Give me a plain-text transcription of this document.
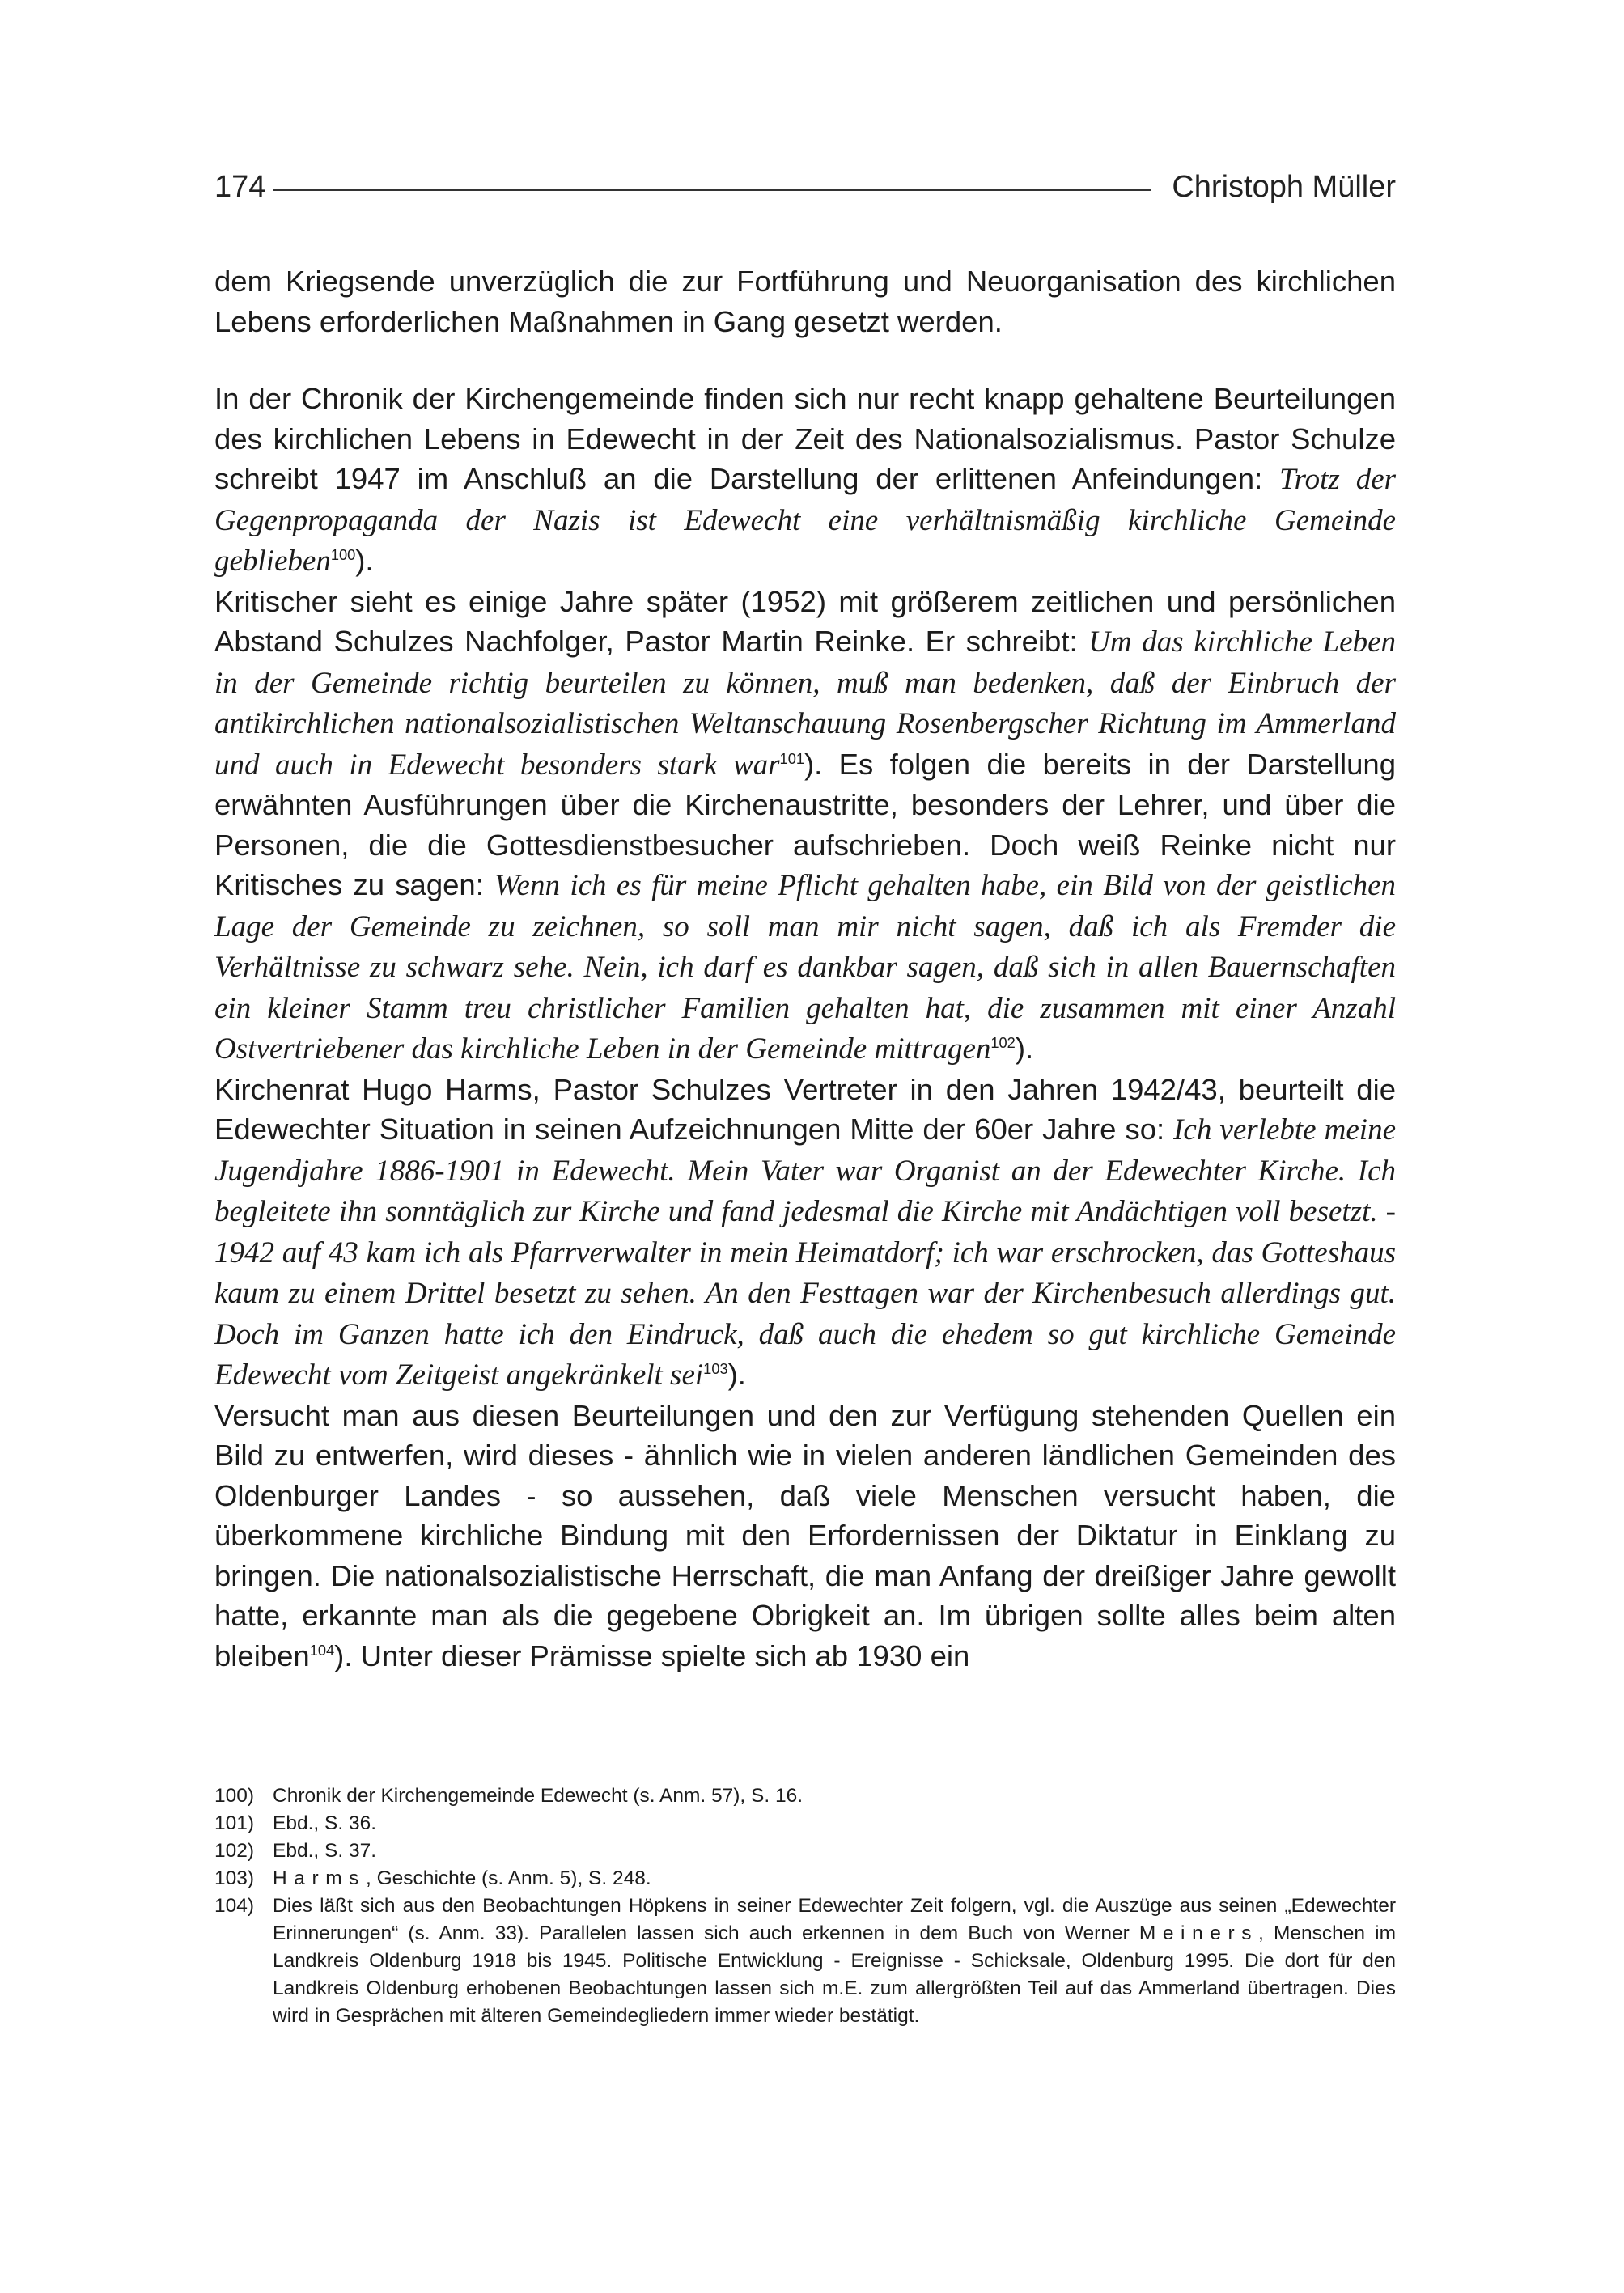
174	Christoph Müller

dem Kriegsende unverzüglich die zur Fortführung und Neuorganisation des kirchlichen Lebens erforderlichen Maßnahmen in Gang gesetzt werden.

In der Chronik der Kirchengemeinde finden sich nur recht knapp gehaltene Beurteilungen des kirchlichen Lebens in Edewecht in der Zeit des Nationalsozialismus. Pastor Schulze schreibt 1947 im Anschluß an die Darstellung der erlittenen Anfeindungen: Trotz der Gegenpropaganda der Nazis ist Edewecht eine verhältnismäßig kirchliche Gemeinde geblieben$^{100}$).

Kritischer sieht es einige Jahre später (1952) mit größerem zeitlichen und persönlichen Abstand Schulzes Nachfolger, Pastor Martin Reinke. Er schreibt: Um das kirchliche Leben in der Gemeinde richtig beurteilen zu können, muß man bedenken, daß der Einbruch der antikirchlichen nationalsozialistischen Weltanschauung Rosenbergscher Richtung im Ammerland und auch in Edewecht besonders stark war$^{101}$). Es folgen die bereits in der Darstellung erwähnten Ausführungen über die Kirchenaustritte, besonders der Lehrer, und über die Personen, die die Gottesdienstbesucher aufschrieben. Doch weiß Reinke nicht nur Kritisches zu sagen: Wenn ich es für meine Pflicht gehalten habe, ein Bild von der geistlichen Lage der Gemeinde zu zeichnen, so soll man mir nicht sagen, daß ich als Fremder die Verhältnisse zu schwarz sehe. Nein, ich darf es dankbar sagen, daß sich in allen Bauernschaften ein kleiner Stamm treu christlicher Familien gehalten hat, die zusammen mit einer Anzahl Ostvertriebener das kirchliche Leben in der Gemeinde mittragen$^{102}$).

Kirchenrat Hugo Harms, Pastor Schulzes Vertreter in den Jahren 1942/43, beurteilt die Edewechter Situation in seinen Aufzeichnungen Mitte der 60er Jahre so: Ich verlebte meine Jugendjahre 1886-1901 in Edewecht. Mein Vater war Organist an der Edewechter Kirche. Ich begleitete ihn sonntäglich zur Kirche und fand jedesmal die Kirche mit Andächtigen voll besetzt. - 1942 auf 43 kam ich als Pfarrverwalter in mein Heimatdorf; ich war erschrocken, das Gotteshaus kaum zu einem Drittel besetzt zu sehen. An den Festtagen war der Kirchenbesuch allerdings gut. Doch im Ganzen hatte ich den Eindruck, daß auch die ehedem so gut kirchliche Gemeinde Edewecht vom Zeitgeist angekränkelt sei$^{103}$).

Versucht man aus diesen Beurteilungen und den zur Verfügung stehenden Quellen ein Bild zu entwerfen, wird dieses - ähnlich wie in vielen anderen ländlichen Gemeinden des Oldenburger Landes - so aussehen, daß viele Menschen versucht haben, die überkommene kirchliche Bindung mit den Erfordernissen der Diktatur in Einklang zu bringen. Die nationalsozialistische Herrschaft, die man Anfang der dreißiger Jahre gewollt hatte, erkannte man als die gegebene Obrigkeit an. Im übrigen sollte alles beim alten bleiben$^{104}$). Unter dieser Prämisse spielte sich ab 1930 ein

100) Chronik der Kirchengemeinde Edewecht (s. Anm. 57), S. 16.
101) Ebd., S. 36.
102) Ebd., S. 37.
103) Harms, Geschichte (s. Anm. 5), S. 248.
104) Dies läßt sich aus den Beobachtungen Höpkens in seiner Edewechter Zeit folgern, vgl. die Auszüge aus seinen „Edewechter Erinnerungen“ (s. Anm. 33). Parallelen lassen sich auch erkennen in dem Buch von Werner Meiners, Menschen im Landkreis Oldenburg 1918 bis 1945. Politische Entwicklung - Ereignisse - Schicksale, Oldenburg 1995. Die dort für den Landkreis Oldenburg erhobenen Beobachtungen lassen sich m.E. zum allergrößten Teil auf das Ammerland übertragen. Dies wird in Gesprächen mit älteren Gemeindegliedern immer wieder bestätigt.
